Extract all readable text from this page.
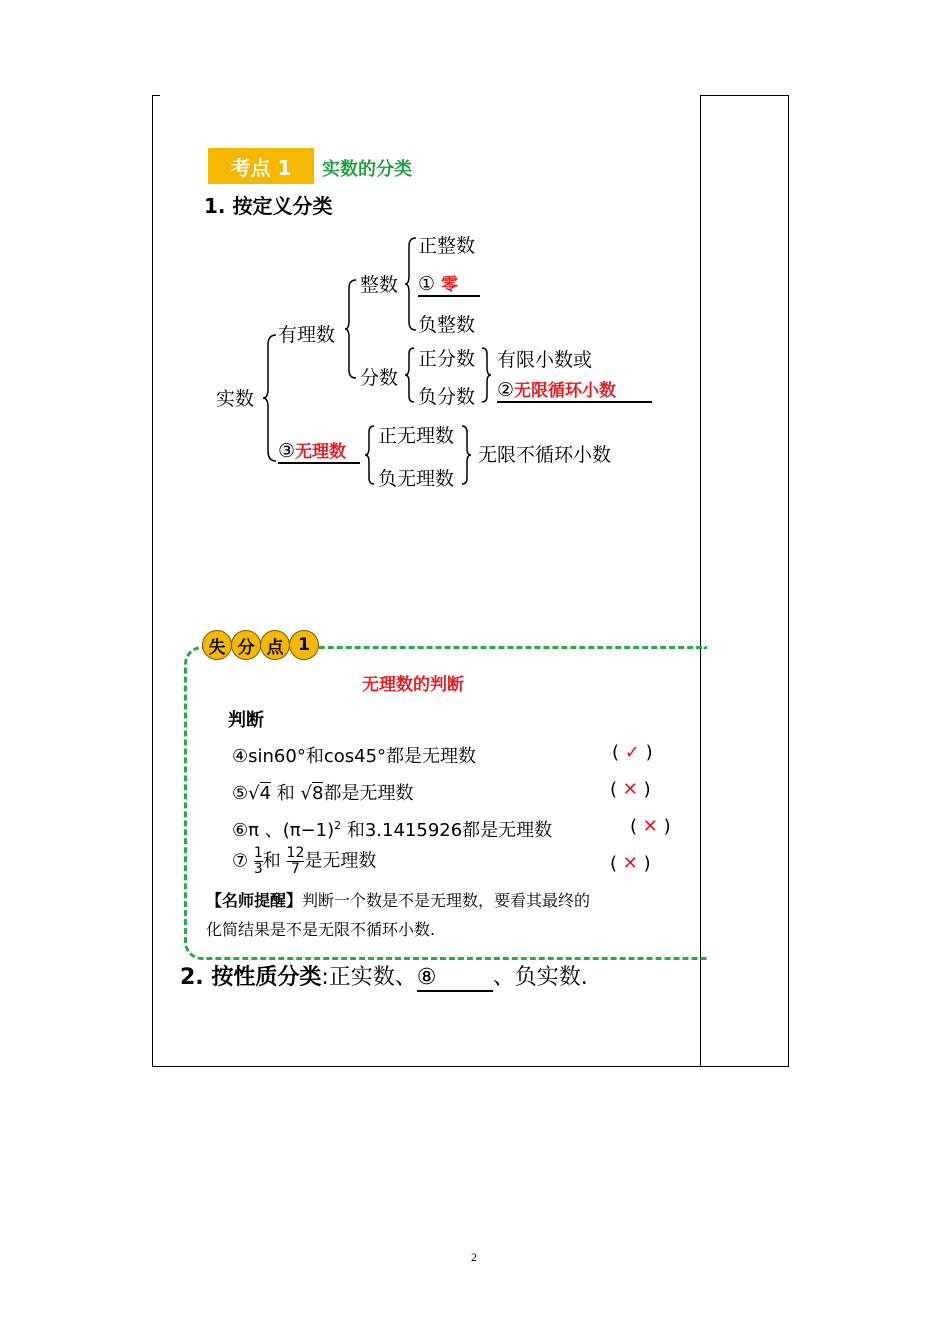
考点 1	实数的分类
1. 按定义分类
实数
有理数
整数
正整数
① 零
负整数
分数
正分数
负分数
有限小数或
②无限循环小数
③无理数
正无理数
负无理数
无限不循环小数
失 分 点 1
无理数的判断
判断
④sin60°和cos45°都是无理数	( ✓ )
⑤√4 和 √8都是无理数	( ✕ )
⑥π 、$(\pi-1)^2$ 和3.1415926都是无理数	( ✕ )
⑦ $\frac{1}{3}$ 和 $\frac{12}{7}$ 是无理数	( ✕ )
【名师提醒】判断一个数是不是无理数，要看其最终的
化简结果是不是无限不循环小数.
2. 按性质分类:正实数、⑧	、负实数.
2
